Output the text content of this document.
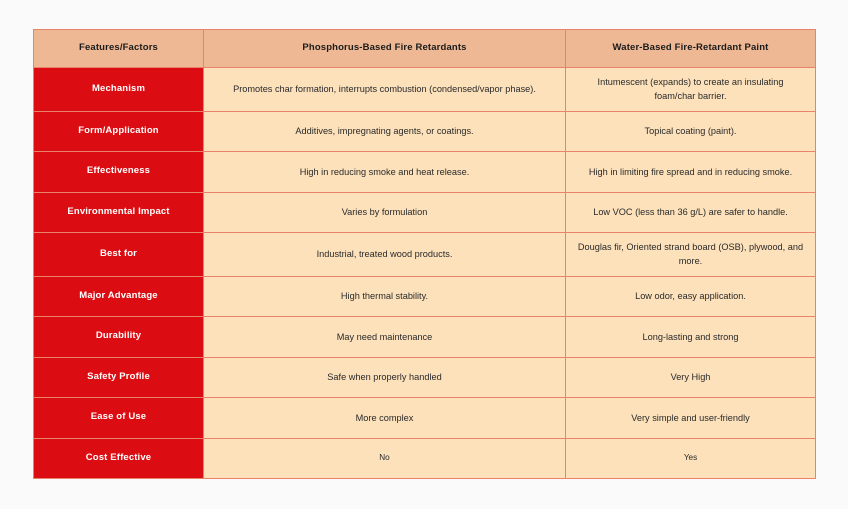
Features/Factors	Phosphorus-Based Fire Retardants	Water-Based Fire-Retardant Paint
Mechanism	Promotes char formation, interrupts combustion (condensed/vapor phase).	Intumescent (expands) to create an insulating foam/char barrier.
Form/Application	Additives, impregnating agents, or coatings.	Topical coating (paint).
Effectiveness	High in reducing smoke and heat release.	High in limiting fire spread and in reducing smoke.
Environmental Impact	Varies by formulation	Low VOC (less than 36 g/L) are safer to handle.
Best for	Industrial, treated wood products.	Douglas fir, Oriented strand board (OSB), plywood, and more.
Major Advantage	High thermal stability.	Low odor, easy application.
Durability	May need maintenance	Long-lasting and strong
Safety Profile	Safe when properly handled	Very High
Ease of Use	More complex	Very simple and user-friendly
Cost Effective	No	Yes
